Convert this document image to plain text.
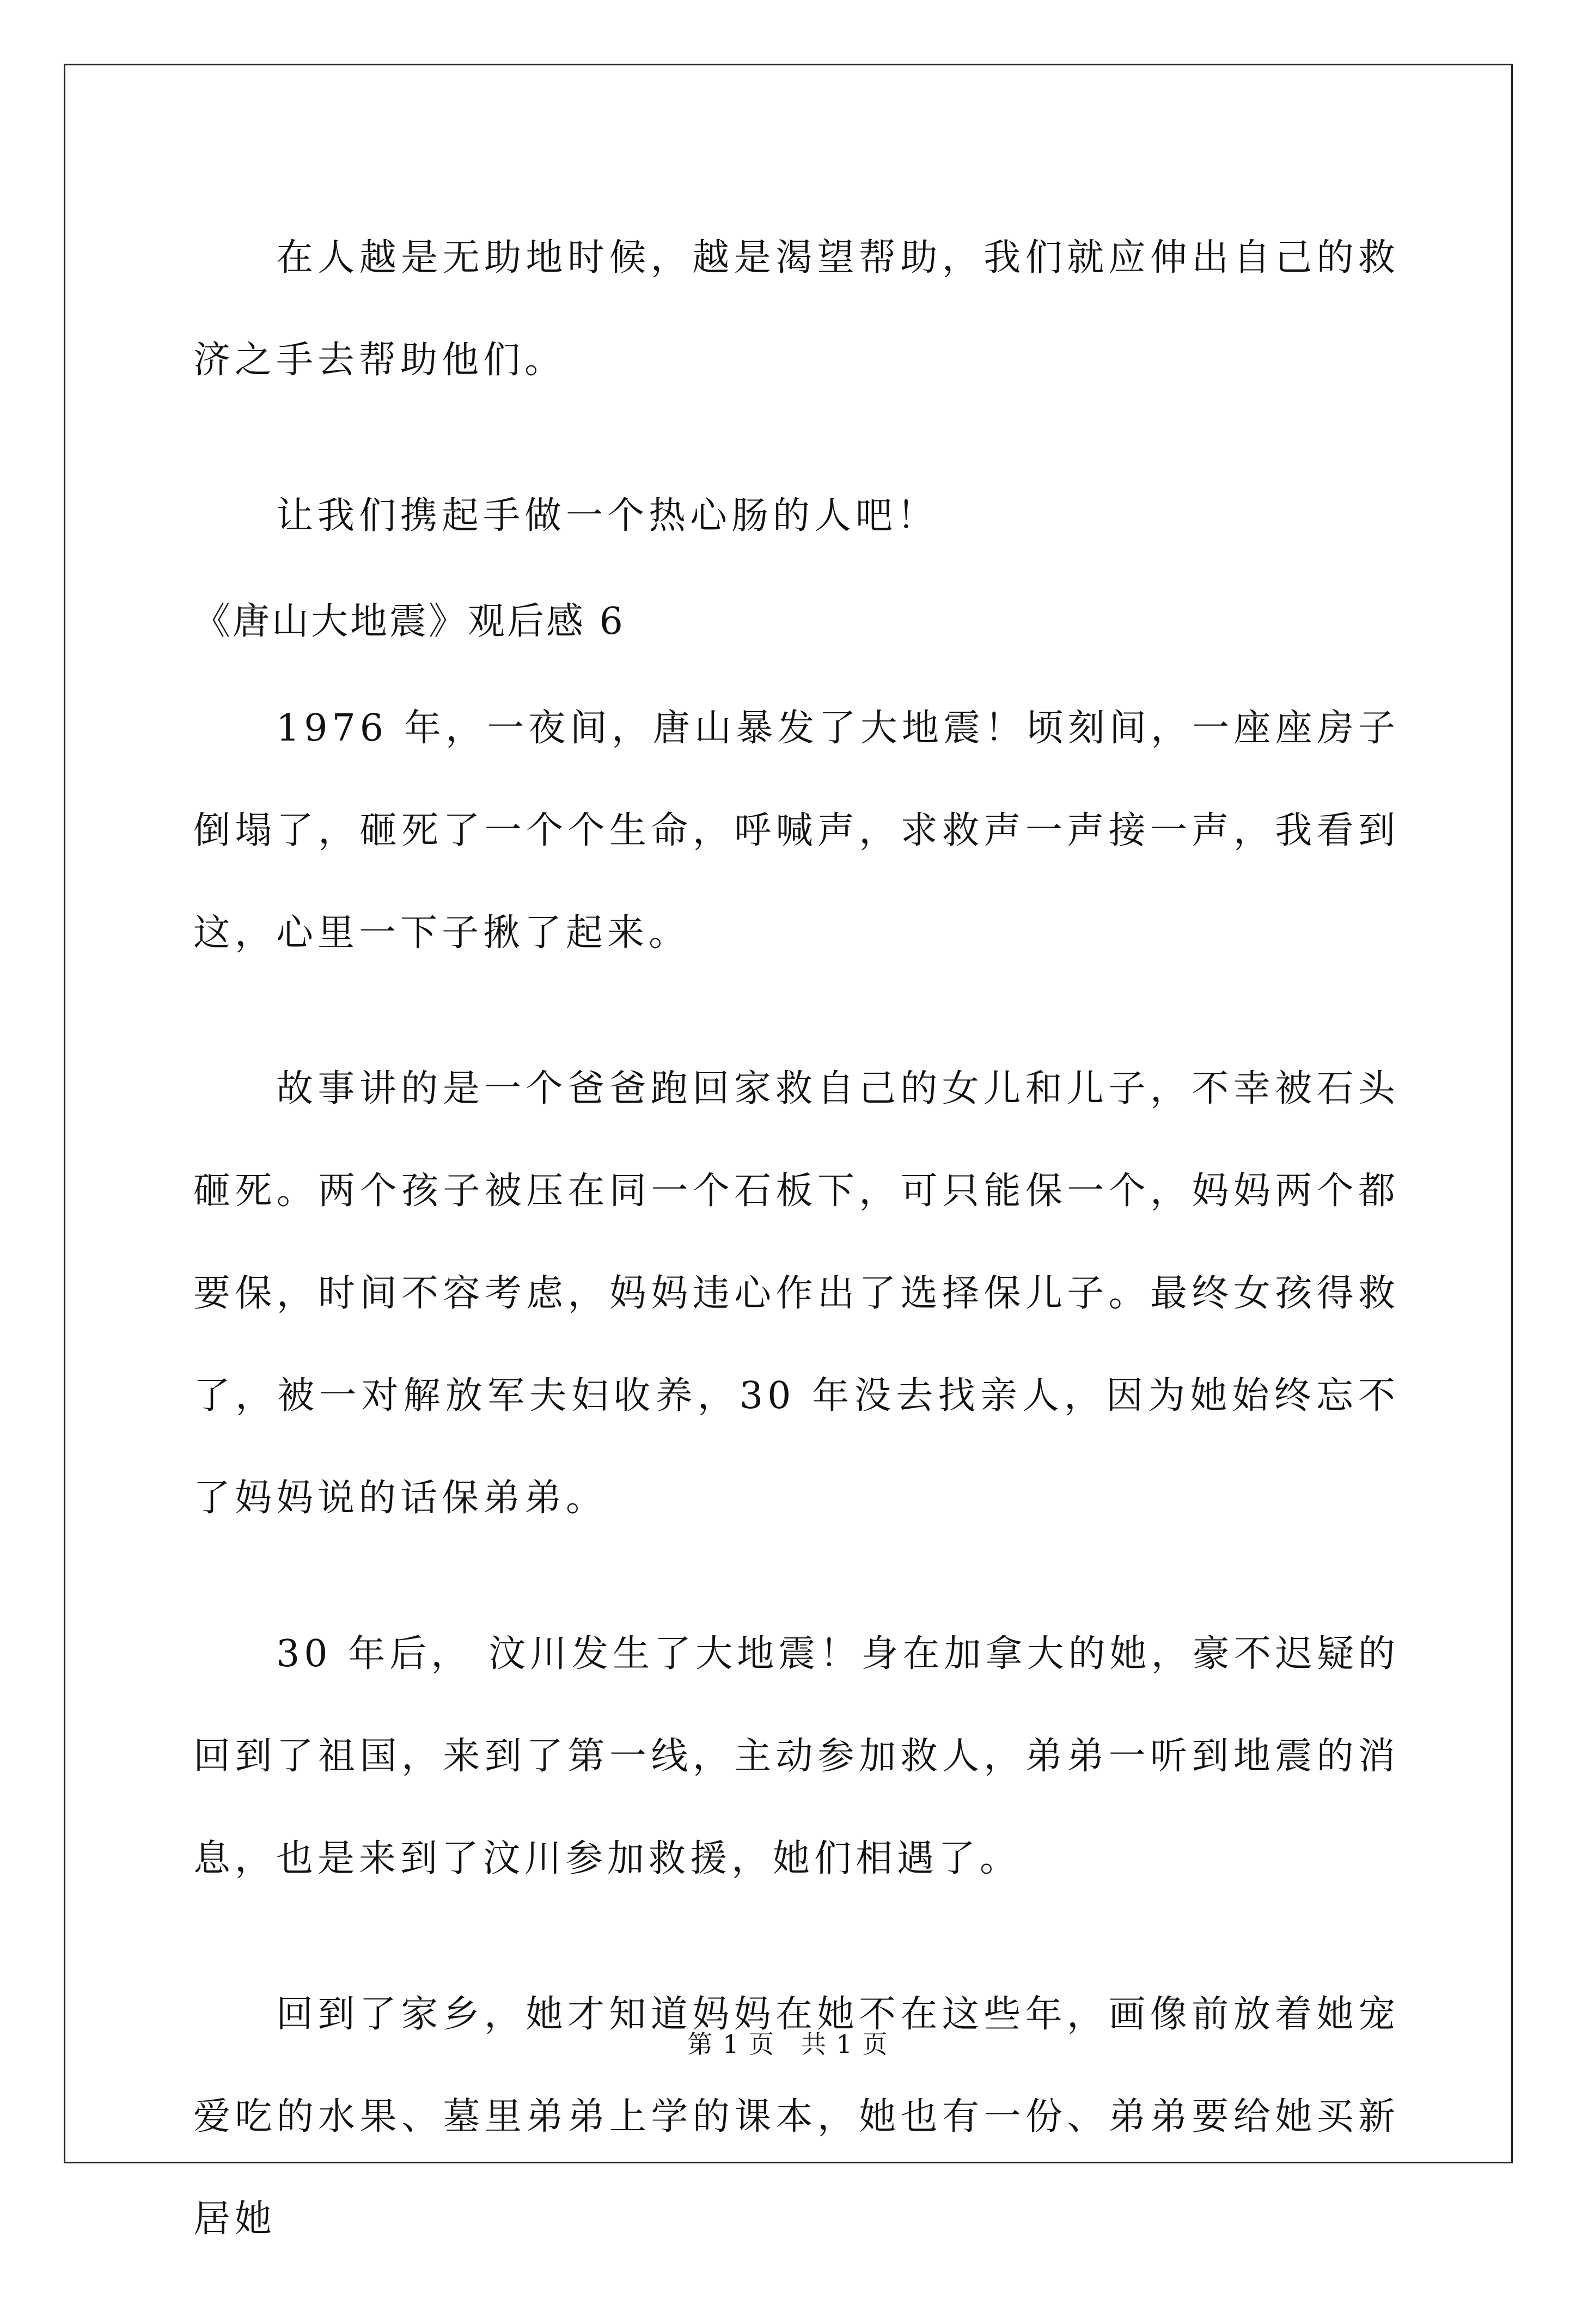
在人越是无助地时候，越是渴望帮助，我们就应伸出自己的救济之手去帮助他们。

让我们携起手做一个热心肠的人吧！

《唐山大地震》观后感 6

1976 年，一夜间，唐山暴发了大地震！顷刻间，一座座房子倒塌了，砸死了一个个生命，呼喊声，求救声一声接一声，我看到这，心里一下子揪了起来。

故事讲的是一个爸爸跑回家救自己的女儿和儿子，不幸被石头砸死。两个孩子被压在同一个石板下，可只能保一个，妈妈两个都要保，时间不容考虑，妈妈违心作出了选择保儿子。最终女孩得救了，被一对解放军夫妇收养，30 年没去找亲人，因为她始终忘不了妈妈说的话保弟弟。

30 年后， 汶川发生了大地震！身在加拿大的她，豪不迟疑的回到了祖国，来到了第一线，主动参加救人，弟弟一听到地震的消息，也是来到了汶川参加救援，她们相遇了。

回到了家乡，她才知道妈妈在她不在这些年，画像前放着她宠爱吃的水果、墓里弟弟上学的课本，她也有一份、弟弟要给她买新居她

第 1 页　共 1 页
